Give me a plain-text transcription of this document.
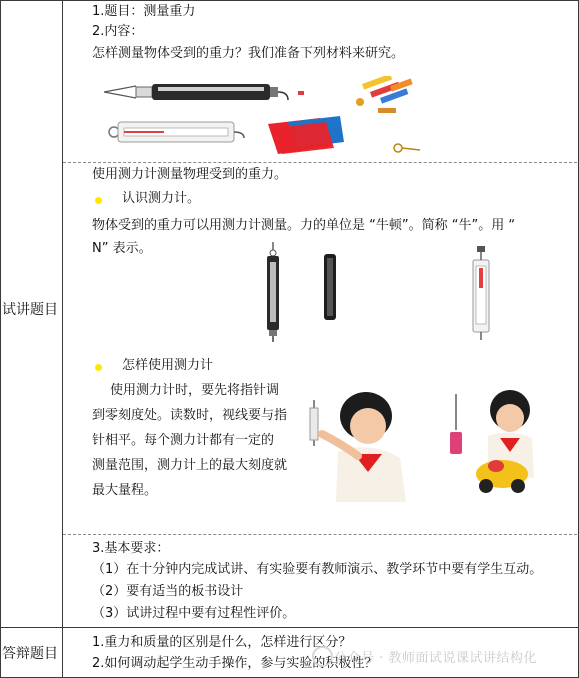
试讲题目
答辩题目
1.题目：测量重力
2.内容：
怎样测量物体受到的重力？我们准备下列材料来研究。
使用测力计测量物理受到的重力。
认识测力计。
物体受到的重力可以用测力计测量。力的单位是 “牛顿”。简称 “牛”。用 “
N” 表示。
怎样使用测力计
使用测力计时，要先将指针调
到零刻度处。读数时，视线要与指
针相平。每个测力计都有一定的
测量范围，测力计上的最大刻度就
最大量程。
3.基本要求：
（1）在十分钟内完成试讲、有实验要有教师演示、教学环节中要有学生互动。
（2）要有适当的板书设计
（3）试讲过程中要有过程性评价。
1.重力和质量的区别是什么，怎样进行区分？
2.如何调动起学生动手操作，参与实验的积极性？
公众号 · 教师面试说课试讲结构化
